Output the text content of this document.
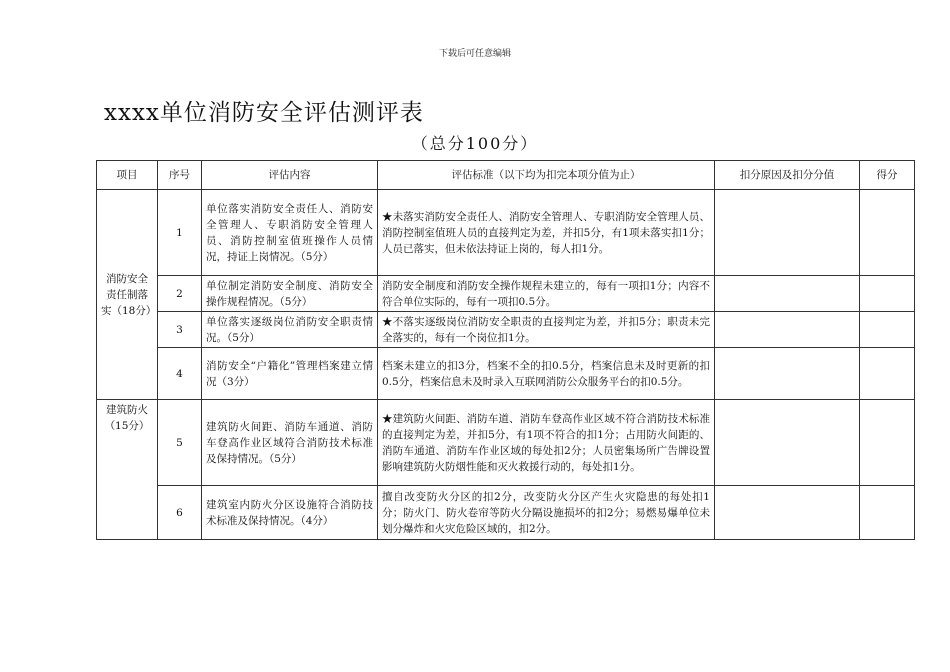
下载后可任意编辑
xxxx单位消防安全评估测评表
（总分100分）
项目	序号	评估内容	评估标准（以下均为扣完本项分值为止）	扣分原因及扣分分值	得分
消防安全责任制落实（18分）	1	单位落实消防安全责任人、消防安全管理人、专职消防安全管理人员、消防控制室值班操作人员情况，持证上岗情况。（5分）	★未落实消防安全责任人、消防安全管理人、专职消防安全管理人员、消防控制室值班人员的直接判定为差，并扣5分，有1项未落实扣1分；人员已落实，但未依法持证上岗的，每人扣1分。		
	2	单位制定消防安全制度、消防安全操作规程情况。（5分）	消防安全制度和消防安全操作规程未建立的，每有一项扣1分；内容不符合单位实际的，每有一项扣0.5分。		
	3	单位落实逐级岗位消防安全职责情况。（5分）	★不落实逐级岗位消防安全职责的直接判定为差，并扣5分；职责未完全落实的，每有一个岗位扣1分。		
	4	消防安全“户籍化”管理档案建立情况（3分）	档案未建立的扣3分，档案不全的扣0.5分，档案信息未及时更新的扣0.5分，档案信息未及时录入互联网消防公众服务平台的扣0.5分。		
建筑防火（15分）	5	建筑防火间距、消防车通道、消防车登高作业区域符合消防技术标准及保持情况。（5分）	★建筑防火间距、消防车道、消防车登高作业区域不符合消防技术标准的直接判定为差，并扣5分，有1项不符合的扣1分；占用防火间距的、消防车通道、消防车作业区域的每处扣2分；人员密集场所广告牌设置影响建筑防火防烟性能和灭火救援行动的，每处扣1分。		
	6	建筑室内防火分区设施符合消防技术标准及保持情况。（4分）	擅自改变防火分区的扣2分，改变防火分区产生火灾隐患的每处扣1分；防火门、防火卷帘等防火分隔设施损坏的扣2分；易燃易爆单位未划分爆炸和火灾危险区域的，扣2分。		
